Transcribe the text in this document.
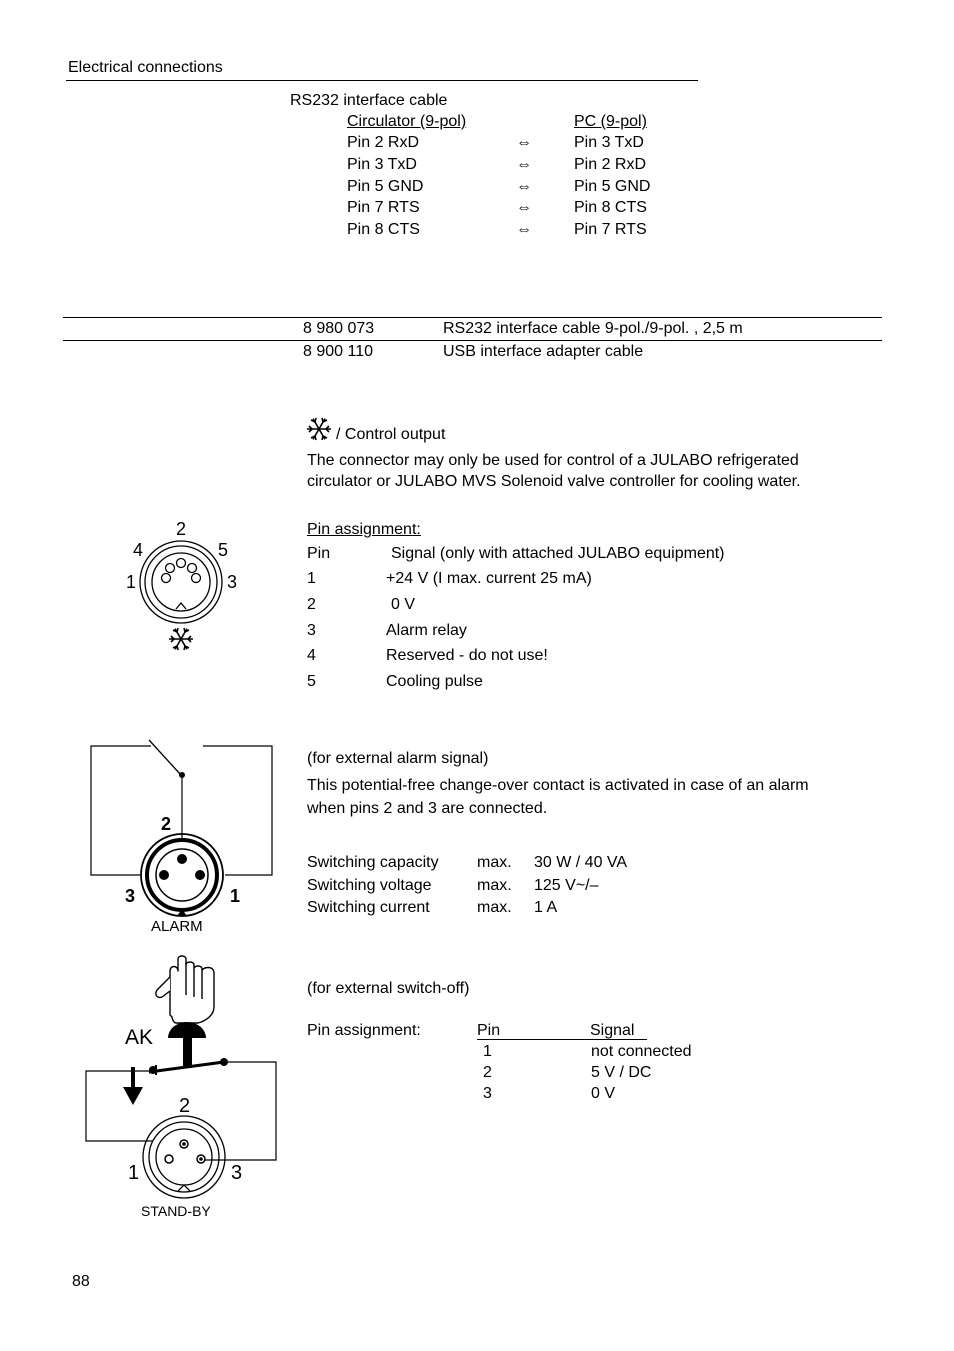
Electrical connections
RS232 interface cable
Circulator (9-pol)	PC (9-pol)
Pin 2 RxD	⇔	Pin 3 TxD
Pin 3 TxD	⇔	Pin 2 RxD
Pin 5 GND	⇔	Pin 5 GND
Pin 7 RTS	⇔	Pin 8 CTS
Pin 8 CTS	⇔	Pin 7 RTS
8 980 073	RS232 interface cable 9-pol./9-pol. , 2,5 m
8 900 110	USB interface adapter cable
/ Control output
The connector may only be used for control of a JULABO refrigerated
circulator or JULABO MVS Solenoid valve controller for cooling water.
Pin assignment:
Pin	Signal (only with attached JULABO equipment)
1	+24 V (I max. current 25 mA)
2	0 V
3	Alarm relay
4	Reserved - do not use!
5	Cooling pulse
2
4	5
1	3
(for external alarm signal)
This potential-free change-over contact is activated in case of an alarm
when pins 2 and 3 are connected.
Switching capacity max. 30 W / 40 VA
Switching voltage	max. 125 V~/–
Switching current	max. 1 A
2
3	1
ALARM
(for external switch-off)
Pin assignment:	Pin	Signal
1	not connected
2	5 V / DC
3	0 V
AK
2
1	3
STAND-BY
88
